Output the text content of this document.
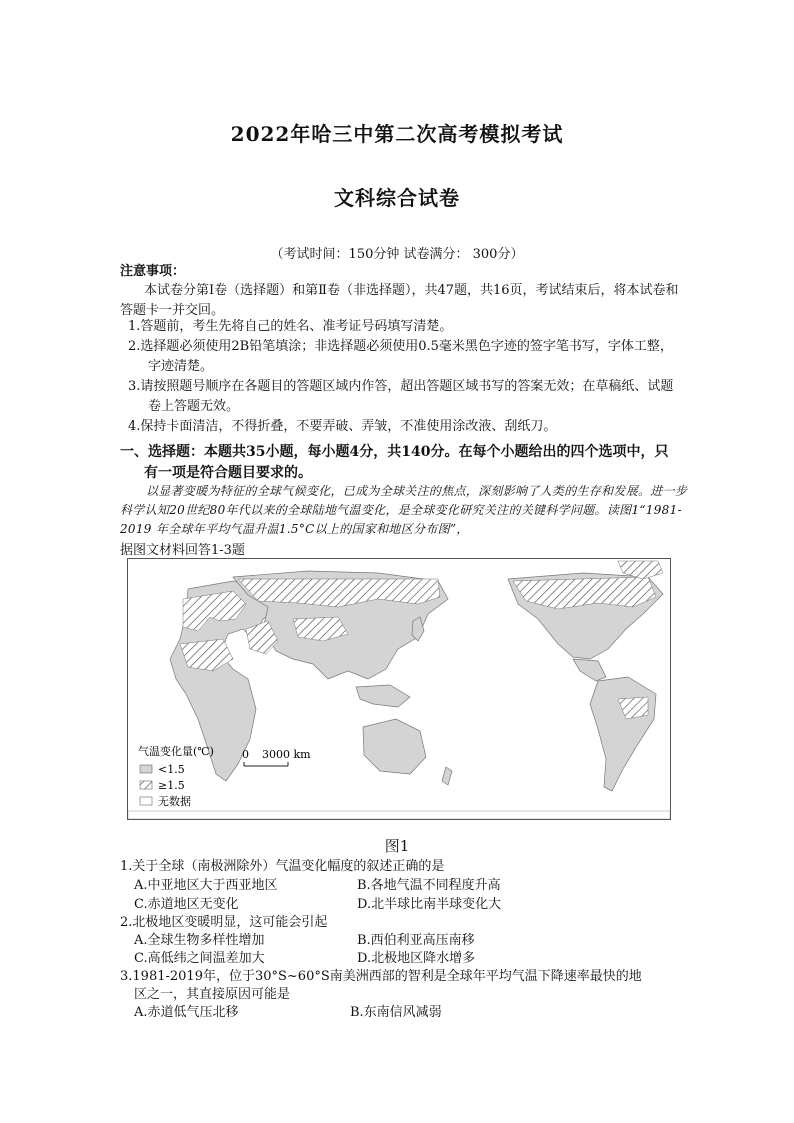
2022年哈三中第二次高考模拟考试
文科综合试卷
（考试时间：150分钟 试卷满分： 300分）
注意事项：
本试卷分第Ⅰ卷（选择题）和第Ⅱ卷（非选择题），共47题，共16页，考试结束后，将本试卷和答题卡一并交回。
1.答题前，考生先将自己的姓名、准考证号码填写清楚。
2.选择题必须使用2B铅笔填涂；非选择题必须使用0.5毫米黑色字迹的签字笔书写，字体工整，字迹清楚。
3.请按照题号顺序在各题目的答题区域内作答，超出答题区域书写的答案无效；在草稿纸、试题卷上答题无效。
4.保持卡面清洁，不得折叠，不要弄破、弄皱，不准使用涂改液、刮纸刀。
一、选择题：本题共35小题，每小题4分，共140分。在每个小题给出的四个选项中，只
有一项是符合题目要求的。
以显著变暖为特征的全球气候变化，已成为全球关注的焦点，深刻影响了人类的生存和发展。进一步科学认知20世纪80年代以来的全球陆地气温变化，是全球变化研究关注的关键科学问题。读图1“1981-2019 年全球年平均气温升温1.5°C以上的国家和地区分布图”，
据图文材料回答1-3题
气温变化量(℃)
<1.5
≥1.5
无数据
0 3000 km
图1
1.关于全球（南极洲除外）气温变化幅度的叙述正确的是
A.中亚地区大于西亚地区	B.各地气温不同程度升高
C.赤道地区无变化	D.北半球比南半球变化大
2.北极地区变暖明显，这可能会引起
A.全球生物多样性增加	B.西伯利亚高压南移
C.高低纬之间温差加大	D.北极地区降水增多
3.1981-2019年，位于30°S~60°S南美洲西部的智利是全球年平均气温下降速率最快的地
区之一，其直接原因可能是
A.赤道低气压北移	B.东南信风减弱
